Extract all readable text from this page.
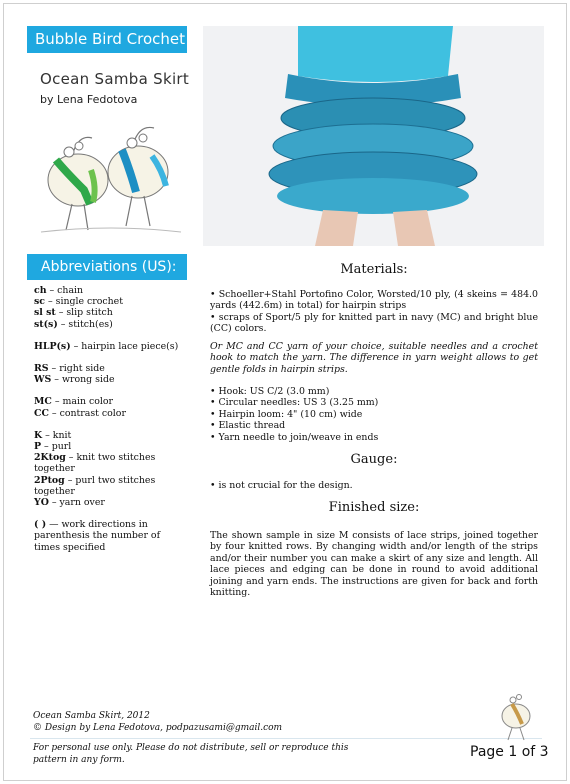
Bubble Bird Crochet
Ocean Samba Skirt
by Lena Fedotova
Abbreviations (US):
ch – chain
sc – single crochet
sl st – slip stitch
st(s) – stitch(es)
HLP(s) – hairpin lace piece(s)
RS – right side
WS – wrong side
MC – main color
CC – contrast color
K – knit
P – purl
2Ktog – knit two stitches together
2Ptog – purl two stitches together
YO – yarn over
( ) — work directions in parenthesis the number of times specified
Materials:
• Schoeller+Stahl Portofino Color, Worsted/10 ply, (4 skeins = 484.0 yards (442.6m) in total) for hairpin strips
• scraps of Sport/5 ply for knitted part in navy (MC) and bright blue (CC) colors.
Or MC and CC yarn of your choice, suitable needles and a crochet hook to match the yarn. The difference in yarn weight allows to get gentle folds in hairpin strips.
• Hook: US C/2 (3.0 mm)
• Circular needles: US 3 (3.25 mm)
• Hairpin loom: 4" (10 cm) wide
• Elastic thread
• Yarn needle to join/weave in ends
Gauge:
• is not crucial for the design.
Finished size:
The shown sample in size M consists of lace strips, joined together by four knitted rows. By changing width and/or length of the strips and/or their number you can make a skirt of any size and length. All lace pieces and edging can be done in round to avoid additional joining and yarn ends. The instructions are given for back and forth knitting.
Ocean Samba Skirt, 2012
© Design by Lena Fedotova, podpazusami@gmail.com
For personal use only. Please do not distribute, sell or reproduce this pattern in any form.	Page 1 of 3
